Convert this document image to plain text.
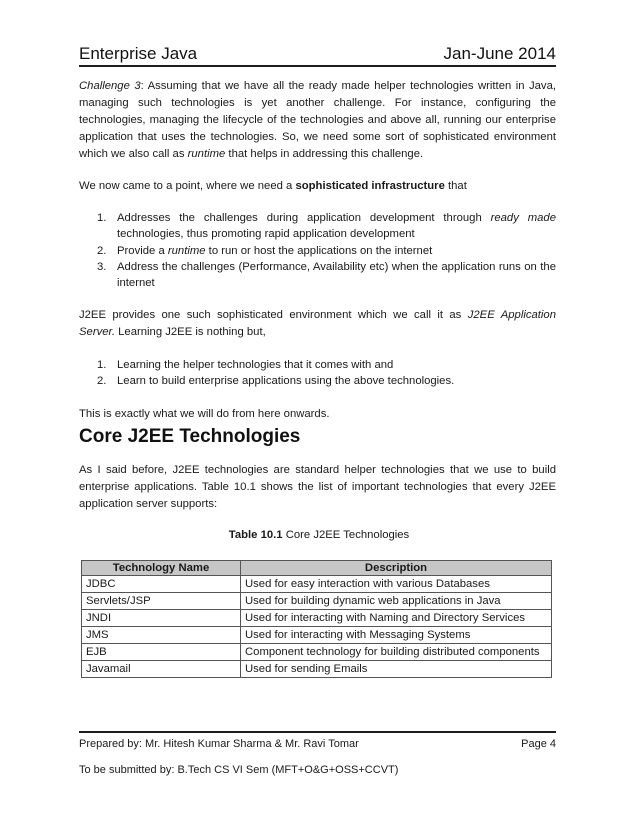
Enterprise Java	Jan-June 2014

Challenge 3: Assuming that we have all the ready made helper technologies written in Java, managing such technologies is yet another challenge. For instance, configuring the technologies, managing the lifecycle of the technologies and above all, running our enterprise application that uses the technologies. So, we need some sort of sophisticated environment which we also call as runtime that helps in addressing this challenge.

We now came to a point, where we need a sophisticated infrastructure that

1. Addresses the challenges during application development through ready made technologies, thus promoting rapid application development
2. Provide a runtime to run or host the applications on the internet
3. Address the challenges (Performance, Availability etc) when the application runs on the internet

J2EE provides one such sophisticated environment which we call it as J2EE Application Server. Learning J2EE is nothing but,

1. Learning the helper technologies that it comes with and
2. Learn to build enterprise applications using the above technologies.

This is exactly what we will do from here onwards.

Core J2EE Technologies

As I said before, J2EE technologies are standard helper technologies that we use to build enterprise applications. Table 10.1 shows the list of important technologies that every J2EE application server supports:

Table 10.1 Core J2EE Technologies
Technology Name	Description
JDBC	Used for easy interaction with various Databases
Servlets/JSP	Used for building dynamic web applications in Java
JNDI	Used for interacting with Naming and Directory Services
JMS	Used for interacting with Messaging Systems
EJB	Component technology for building distributed components
Javamail	Used for sending Emails
Prepared by: Mr. Hitesh Kumar Sharma & Mr. Ravi Tomar	Page 4
To be submitted by: B.Tech CS VI Sem (MFT+O&G+OSS+CCVT)
